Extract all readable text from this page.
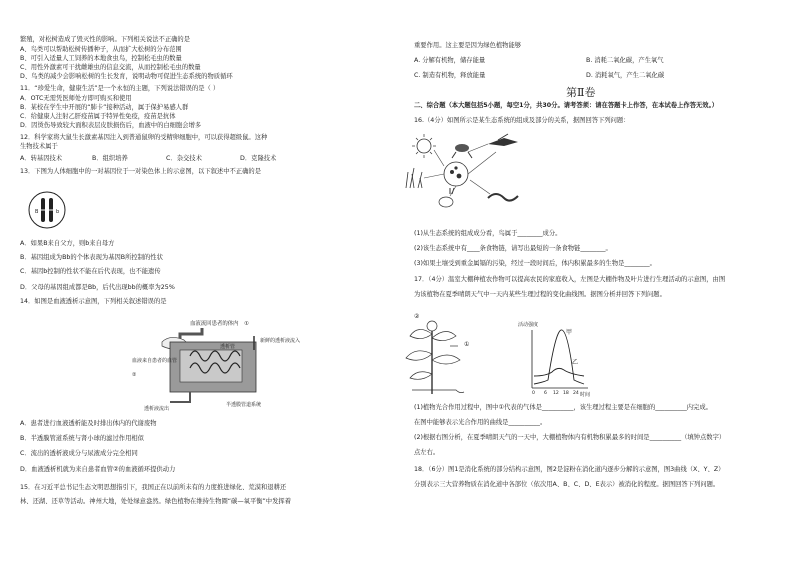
繁殖，对松树造成了毁灭性的影响。下列相关说法不正确的是
A、鸟类可以帮助松树传播种子，从而扩大松树的分布范围
B、可引入适量人工饲养的本地食虫鸟，控制松毛虫的数量
C、用性外激素可干扰雌雄虫的信息交流，从而控制松毛虫的数量
D、鸟类的减少会影响松树的生长发育，说明动物可促进生态系统的物质循环
11．“珍爱生命，健康生活”是一个永恒的主题，下列说法错误的是（ ）
A．OTC无需凭医师处方即可购买和使用
B．某校在学生中开展的“肺卡”接种活动，属于保护易感人群
C．给健康人注射乙肝疫苗属于特异性免疫，疫苗是抗体
D．因烫伤导致较大面积表层皮肤损伤后，血液中的白细胞会增多
12．科学家将大鼠生长激素基因注入到普通鼠卵的受精卵细胞中，可以获得超级鼠。这种
生物技术属于
A．转基因技术	B．组织培养	C．杂交技术	D．克隆技术
13．下图为人体细胞中的一对基因位于一对染色体上的示意图，以下叙述中不正确的是
B	b
A．如果B来自父方，则b来自母方
B．基因组成为Bb的个体表现为基因B所控制的性状
C．基因b控制的性状不能在后代表现，也不能遗传
D．父母的基因组成都是Bb，后代出现bb的概率为25%
14．如图是血液透析示意图，下列相关叙述错误的是
血液流回患者的体内 ①
透析管
血液来自患者的血管
②
新鲜的透析液流入
透析液流出
半透膜管道系统
A．患者进行血液透析能及时排出体内的代谢废物
B．半透膜管道系统与肾小球的滤过作用相似
C．流出的透析液成分与尿液成分完全相同
D．血液透析机就为来自患者血管②的血液循环提供动力
15．在习近平总书记生态文明思想指引下，我国正在以前所未有的力度推进绿化、荒漠和退耕还
林、还湖、还草等活动。神州大地，处处绿意盎然。绿色植物在维持生物圈“碳—氧平衡”中发挥着
重要作用。这主要是因为绿色植物能够
A. 分解有机物，储存能量	B. 消耗二氧化碳，产生氧气
C. 制造有机物，释放能量	D. 消耗氧气，产生二氧化碳
第Ⅱ卷
二、综合题（本大题包括5小题，每空1分，共30分。请考答须：请在答题卡上作答，在本试卷上作答无效。）
16.（4分）如图所示是某生态系统的组成及部分的关系，据图回答下列问题：
(1)从生态系统的组成成分看，鸟属于________成分。
(2)该生态系统中有____条食物链，请写出最短的一条食物链________。
(3)如果土壤受到重金属镉的污染，经过一段时间后，体内积累最多的生物是________。
17．（4分）温室大棚种植农作物可以提高农民的家庭收入，左图是大棚作物及叶片进行生理活动的示意图，由图
为该植物在夏季晴朗天气中一天内某些生理过程的变化曲线图。据图分析并回答下列问题。
②
①
活动强度
时间
甲
乙
0 6 12 18 24
(1)植物光合作用过程中，图中①代表的气体是__________，该生理过程主要是在细胞的__________内完成。
在图中能够表示光合作用的曲线是__________。
(2)根据右图分析，在夏季晴朗天气的一天中，大棚植物体内有机物积累最多的时间是__________（填钟点数字）
点左右。
18．（6分）图1是消化系统的部分结构示意图，图2是淀粉在消化道内逐步分解的示意图，图3曲线（X、Y、Z）
分别表示三大营养物质在消化道中各部位（依次用A、B、C、D、E表示）被消化的程度。据图回答下列问题。
